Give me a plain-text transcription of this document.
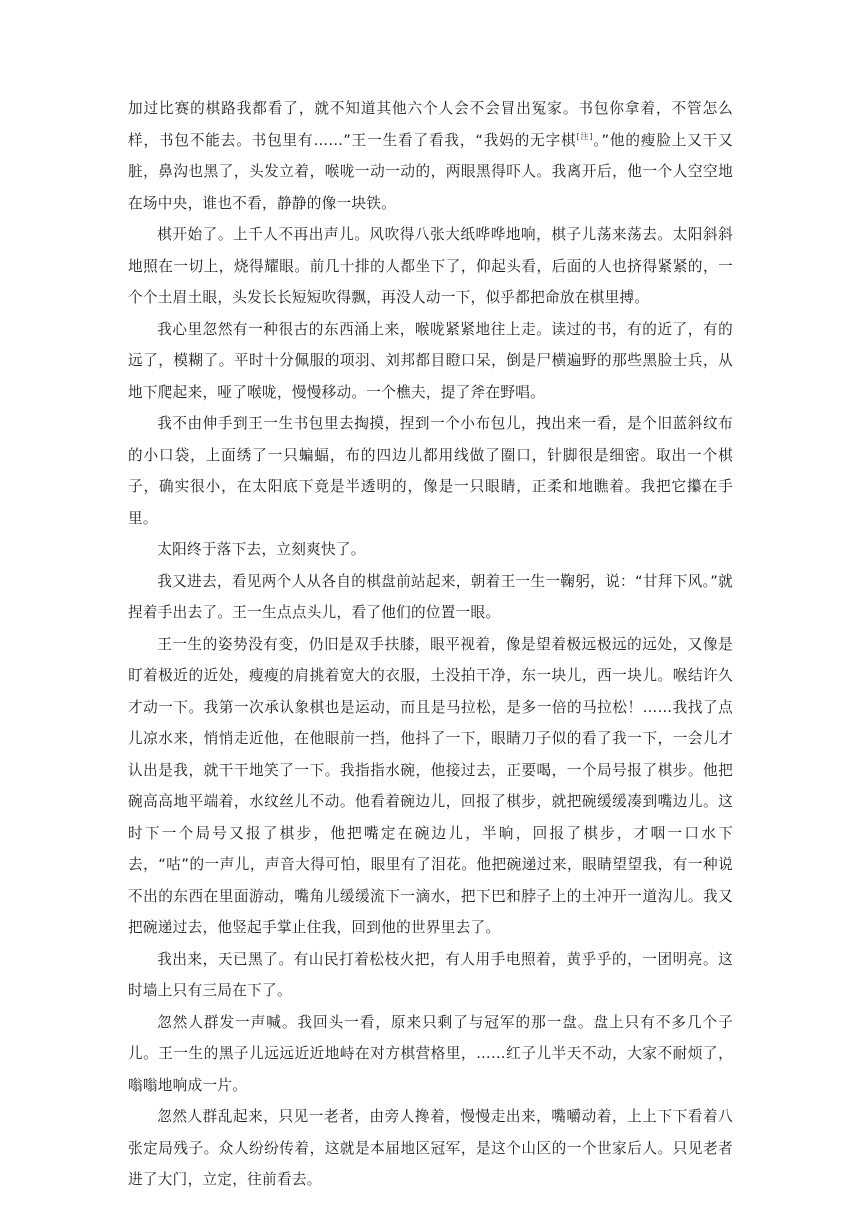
加过比赛的棋路我都看了，就不知道其他六个人会不会冒出冤家。书包你拿着，不管怎么样，书包不能去。书包里有……”王一生看了看我，“我妈的无字棋[注]。”他的瘦脸上又干又脏，鼻沟也黑了，头发立着，喉咙一动一动的，两眼黑得吓人。我离开后，他一个人空空地在场中央，谁也不看，静静的像一块铁。

棋开始了。上千人不再出声儿。风吹得八张大纸哗哗地响，棋子儿荡来荡去。太阳斜斜地照在一切上，烧得耀眼。前几十排的人都坐下了，仰起头看，后面的人也挤得紧紧的，一个个土眉土眼，头发长长短短吹得飘，再没人动一下，似乎都把命放在棋里搏。

我心里忽然有一种很古的东西涌上来，喉咙紧紧地往上走。读过的书，有的近了，有的远了，模糊了。平时十分佩服的项羽、刘邦都目瞪口呆，倒是尸横遍野的那些黑脸士兵，从地下爬起来，哑了喉咙，慢慢移动。一个樵夫，提了斧在野唱。

我不由伸手到王一生书包里去掏摸，捏到一个小布包儿，拽出来一看，是个旧蓝斜纹布的小口袋，上面绣了一只蝙蝠，布的四边儿都用线做了圈口，针脚很是细密。取出一个棋子，确实很小，在太阳底下竟是半透明的，像是一只眼睛，正柔和地瞧着。我把它攥在手里。

太阳终于落下去，立刻爽快了。

我又进去，看见两个人从各自的棋盘前站起来，朝着王一生一鞠躬，说：“甘拜下风。”就捏着手出去了。王一生点点头儿，看了他们的位置一眼。

王一生的姿势没有变，仍旧是双手扶膝，眼平视着，像是望着极远极远的远处，又像是盯着极近的近处，瘦瘦的肩挑着宽大的衣服，土没拍干净，东一块儿，西一块儿。喉结许久才动一下。我第一次承认象棋也是运动，而且是马拉松，是多一倍的马拉松！……我找了点儿凉水来，悄悄走近他，在他眼前一挡，他抖了一下，眼睛刀子似的看了我一下，一会儿才认出是我，就干干地笑了一下。我指指水碗，他接过去，正要喝，一个局号报了棋步。他把碗高高地平端着，水纹丝儿不动。他看着碗边儿，回报了棋步，就把碗缓缓凑到嘴边儿。这时下一个局号又报了棋步，他把嘴定在碗边儿，半晌，回报了棋步，才咽一口水下去，“咕”的一声儿，声音大得可怕，眼里有了泪花。他把碗递过来，眼睛望望我，有一种说不出的东西在里面游动，嘴角儿缓缓流下一滴水，把下巴和脖子上的土冲开一道沟儿。我又把碗递过去，他竖起手掌止住我，回到他的世界里去了。

我出来，天已黑了。有山民打着松枝火把，有人用手电照着，黄乎乎的，一团明亮。这时墙上只有三局在下了。

忽然人群发一声喊。我回头一看，原来只剩了与冠军的那一盘。盘上只有不多几个子儿。王一生的黑子儿远远近近地峙在对方棋营格里，……红子儿半天不动，大家不耐烦了，嗡嗡地响成一片。

忽然人群乱起来，只见一老者，由旁人搀着，慢慢走出来，嘴嚼动着，上上下下看着八张定局残子。众人纷纷传着，这就是本届地区冠军，是这个山区的一个世家后人。只见老者进了大门，立定，往前看去。
